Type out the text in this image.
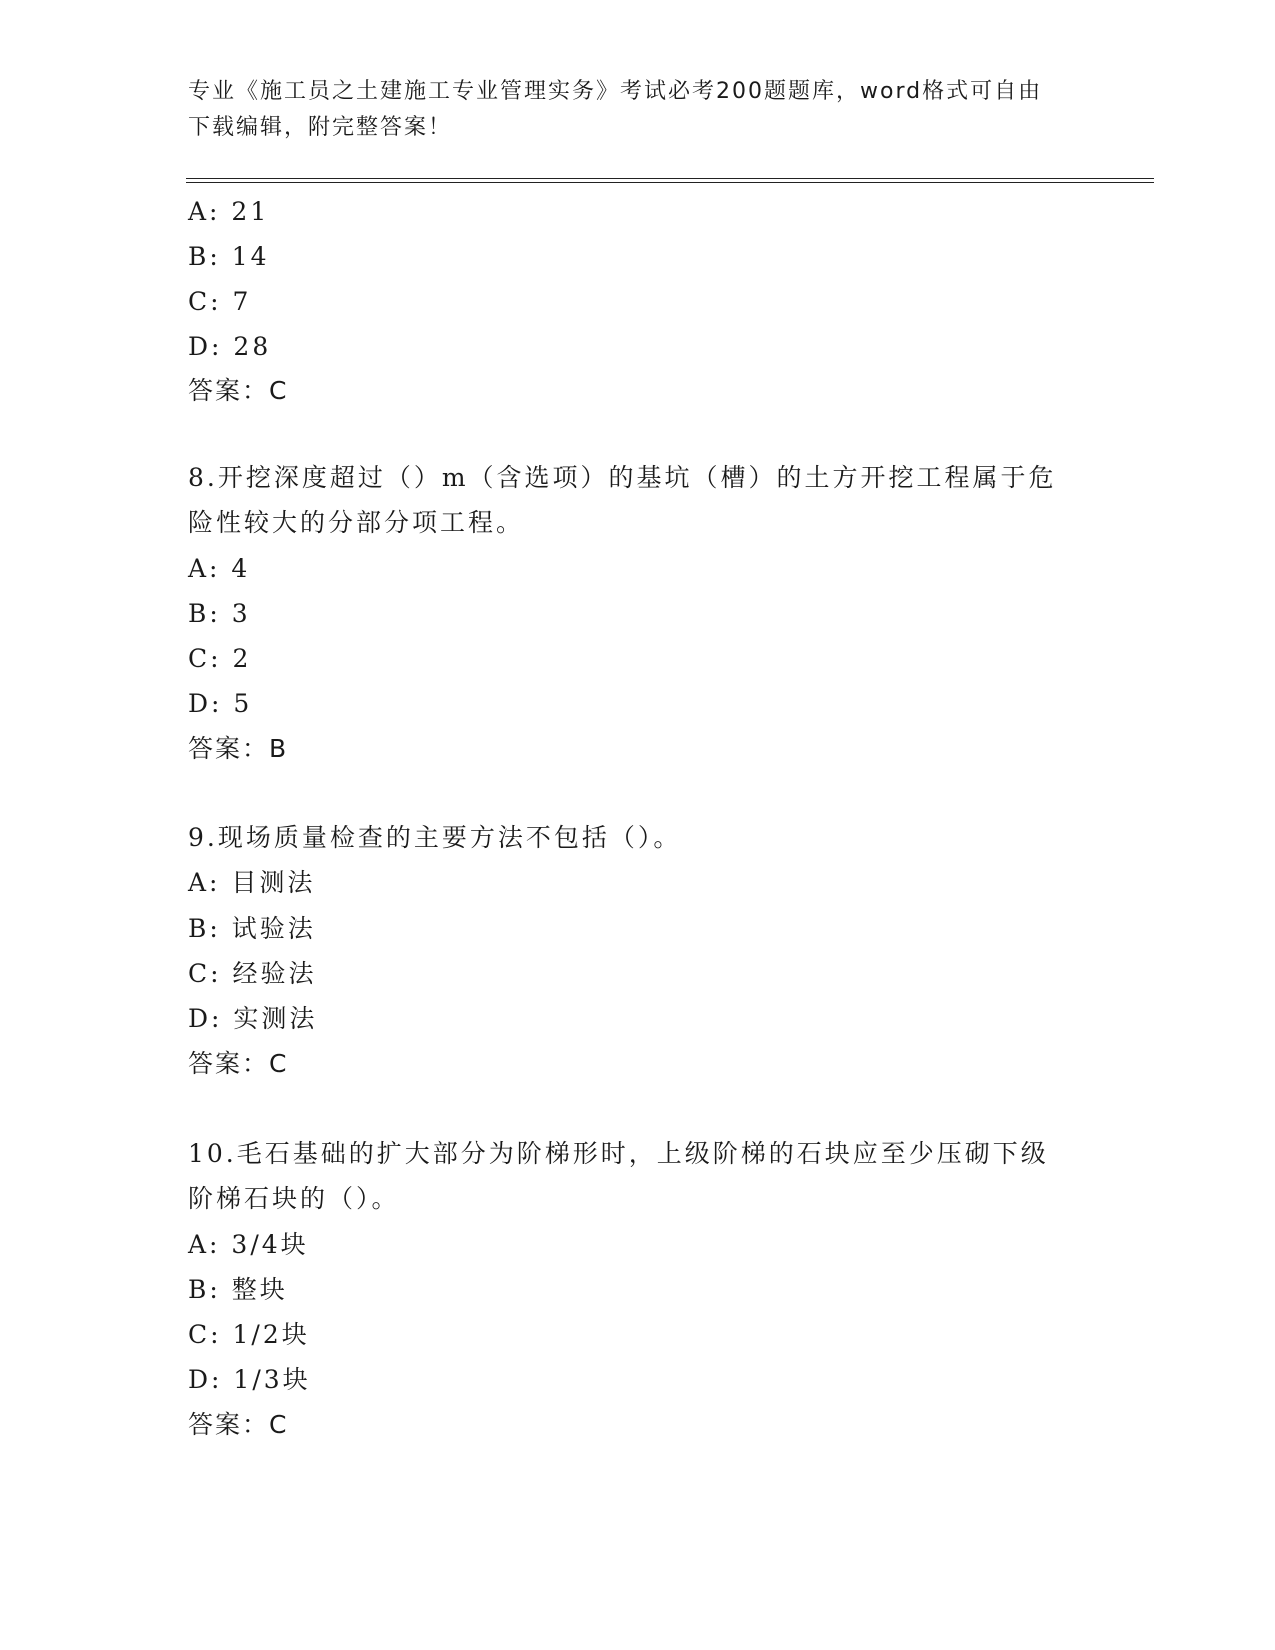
专业《施工员之土建施工专业管理实务》考试必考200题题库，word格式可自由
下载编辑，附完整答案！
A: 21
B: 14
C: 7
D: 28
答案：C
8.开挖深度超过（）m（含选项）的基坑（槽）的土方开挖工程属于危
险性较大的分部分项工程。
A: 4
B: 3
C: 2
D: 5
答案：B
9.现场质量检查的主要方法不包括（）。
A: 目测法
B: 试验法
C: 经验法
D: 实测法
答案：C
10.毛石基础的扩大部分为阶梯形时，上级阶梯的石块应至少压砌下级
阶梯石块的（）。
A: 3/4块
B: 整块
C: 1/2块
D: 1/3块
答案：C
